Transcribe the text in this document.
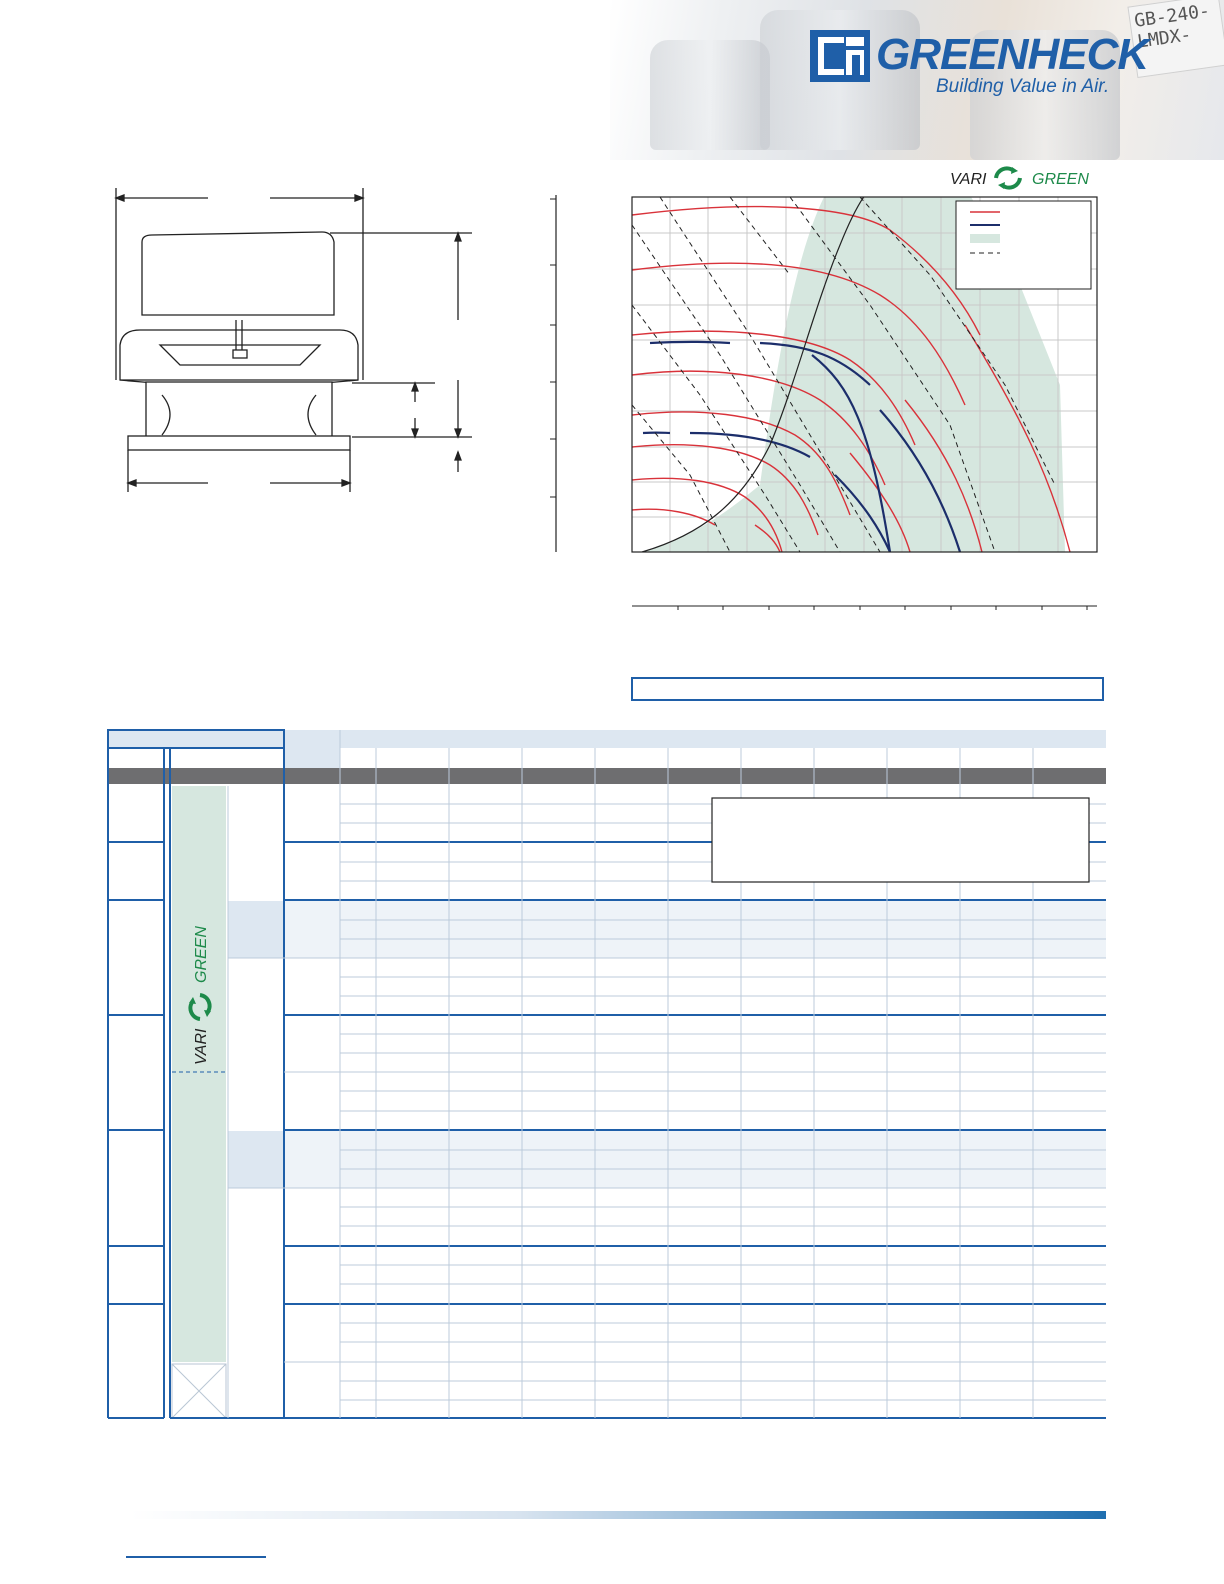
GB-240-LMDX-
GREENHECK
Building Value in Air.
VARI	GREEN
VARI
GREEN
